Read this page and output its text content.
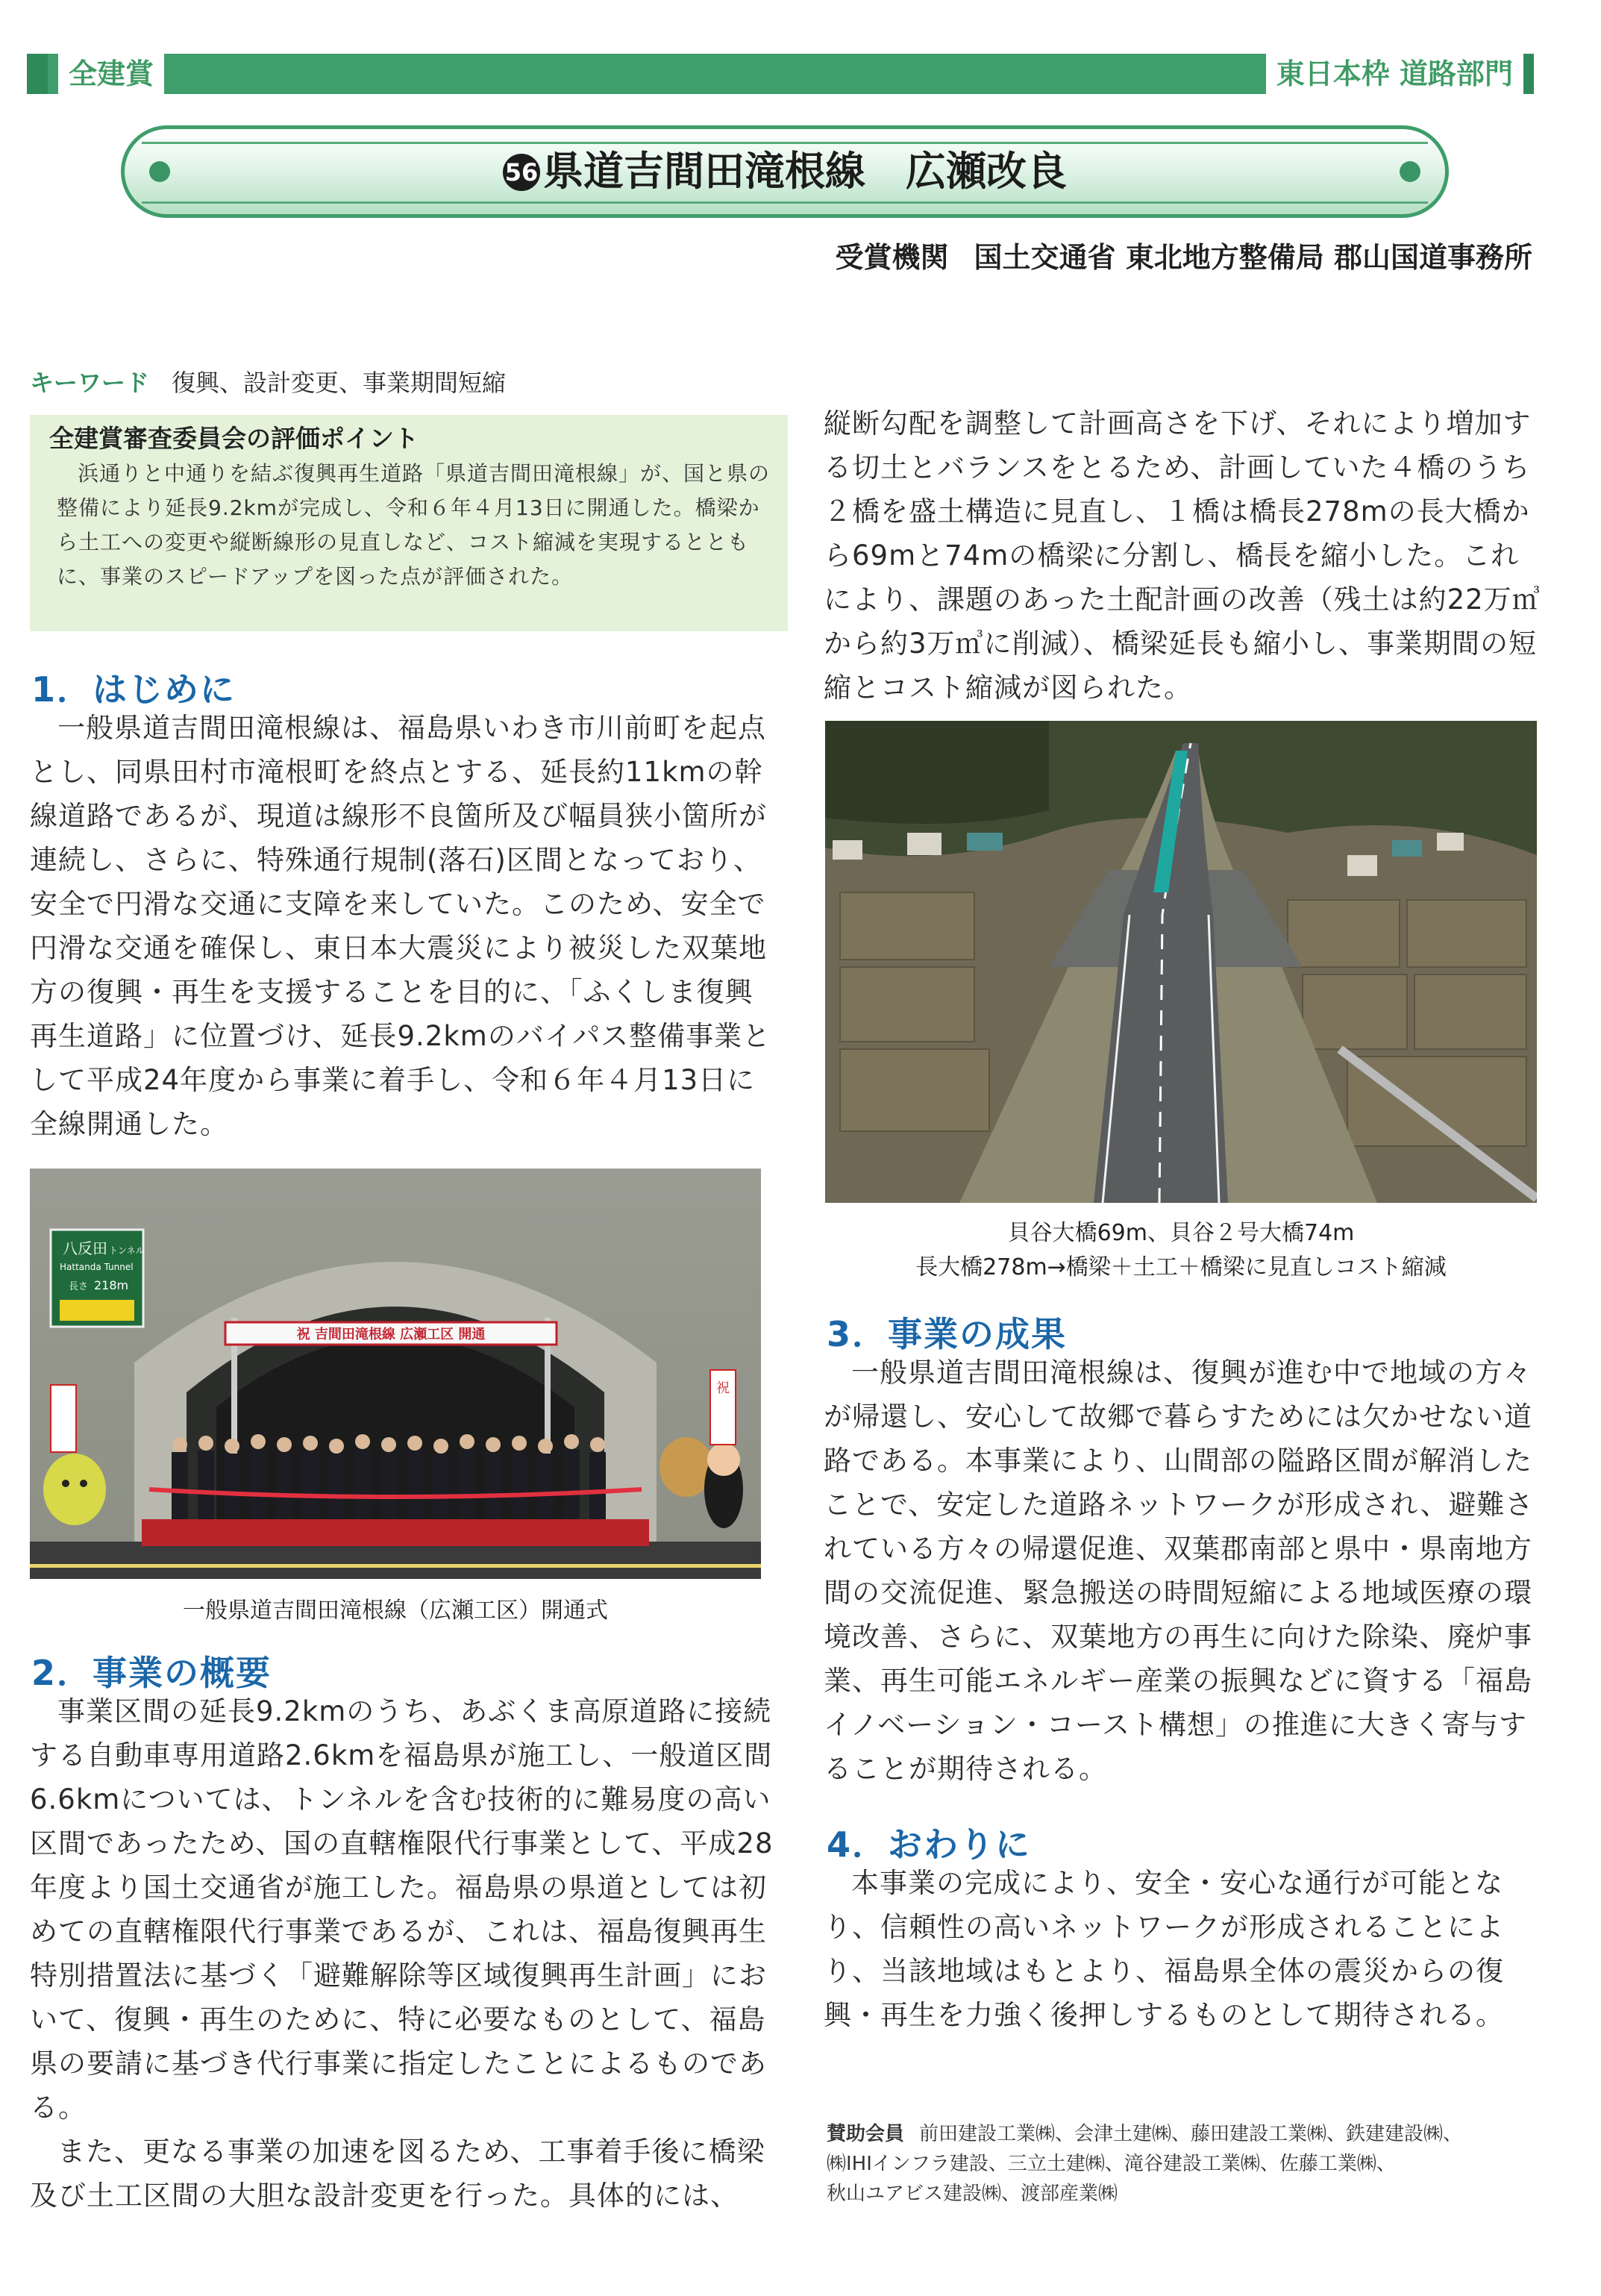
全建賞	東日本枠 道路部門
56 県道吉間田滝根線　広瀬改良
受賞機関 国土交通省 東北地方整備局 郡山国道事務所
キーワード 復興、設計変更、事業期間短縮
全建賞審査委員会の評価ポイント
浜通りと中通りを結ぶ復興再生道路「県道吉間田滝根線」が、国と県の整備により延長9.2kmが完成し、令和６年４月13日に開通した。橋梁から土工への変更や縦断線形の見直しなど、コスト縮減を実現するとともに、事業のスピードアップを図った点が評価された。
1．はじめに

一般県道吉間田滝根線は、福島県いわき市川前町を起点とし、同県田村市滝根町を終点とする、延長約11kmの幹線道路であるが、現道は線形不良箇所及び幅員狭小箇所が連続し、さらに、特殊通行規制(落石)区間となっており、安全で円滑な交通に支障を来していた。このため、安全で円滑な交通を確保し、東日本大震災により被災した双葉地方の復興・再生を支援することを目的に、「ふくしま復興再生道路」に位置づけ、延長9.2kmのバイパス整備事業として平成24年度から事業に着手し、令和６年４月13日に全線開通した。

八反田 トンネル
Hattanda Tunnel
長さ 218m
祝 吉間田滝根線 広瀬工区 開通
祝
一般県道吉間田滝根線（広瀬工区）開通式
2．事業の概要

事業区間の延長9.2kmのうち、あぶくま高原道路に接続する自動車専用道路2.6kmを福島県が施工し、一般道区間6.6kmについては、トンネルを含む技術的に難易度の高い区間であったため、国の直轄権限代行事業として、平成28年度より国土交通省が施工した。福島県の県道としては初めての直轄権限代行事業であるが、これは、福島復興再生特別措置法に基づく「避難解除等区域復興再生計画」において、復興・再生のために、特に必要なものとして、福島県の要請に基づき代行事業に指定したことによるものである。

また、更なる事業の加速を図るため、工事着手後に橋梁及び土工区間の大胆な設計変更を行った。具体的には、

縦断勾配を調整して計画高さを下げ、それにより増加する切土とバランスをとるため、計画していた４橋のうち２橋を盛土構造に見直し、１橋は橋長278mの長大橋から69mと74mの橋梁に分割し、橋長を縮小した。これにより、課題のあった土配計画の改善（残土は約22万㎥から約3万㎥に削減）、橋梁延長も縮小し、事業期間の短縮とコスト縮減が図られた。

貝谷大橋69m、貝谷２号大橋74m
長大橋278m→橋梁＋土工＋橋梁に見直しコスト縮減
3．事業の成果

一般県道吉間田滝根線は、復興が進む中で地域の方々が帰還し、安心して故郷で暮らすためには欠かせない道路である。本事業により、山間部の隘路区間が解消したことで、安定した道路ネットワークが形成され、避難されている方々の帰還促進、双葉郡南部と県中・県南地方間の交流促進、緊急搬送の時間短縮による地域医療の環境改善、さらに、双葉地方の再生に向けた除染、廃炉事業、再生可能エネルギー産業の振興などに資する「福島イノベーション・コースト構想」の推進に大きく寄与することが期待される。

4．おわりに

本事業の完成により、安全・安心な通行が可能となり、信頼性の高いネットワークが形成されることにより、当該地域はもとより、福島県全体の震災からの復興・再生を力強く後押しするものとして期待される。

賛助会員 前田建設工業㈱、会津土建㈱、藤田建設工業㈱、鉄建建設㈱、
㈱IHIインフラ建設、三立土建㈱、滝谷建設工業㈱、佐藤工業㈱、
秋山ユアビス建設㈱、渡部産業㈱
